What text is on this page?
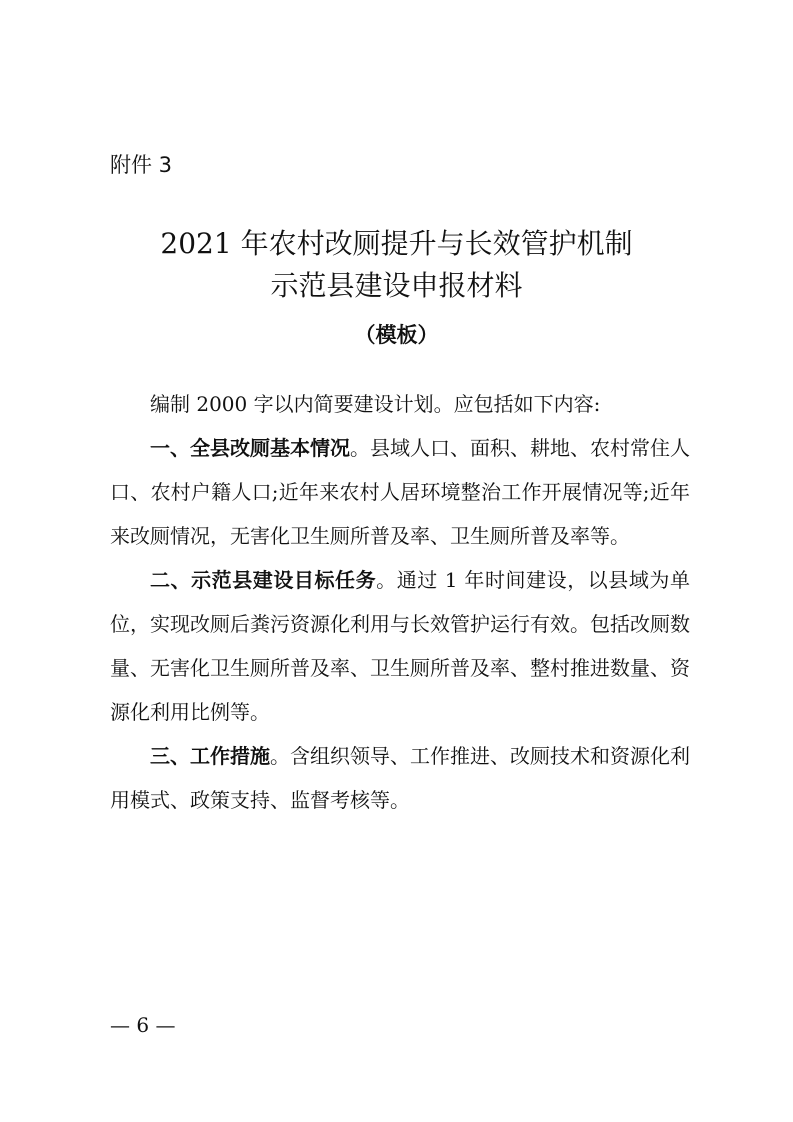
附件 3
2021 年农村改厕提升与长效管护机制
示范县建设申报材料
（模板）

编制 2000 字以内简要建设计划。应包括如下内容:

一、全县改厕基本情况。县域人口、面积、耕地、农村常住人口、农村户籍人口;近年来农村人居环境整治工作开展情况等;近年来改厕情况，无害化卫生厕所普及率、卫生厕所普及率等。

二、示范县建设目标任务。通过 1 年时间建设，以县域为单位，实现改厕后粪污资源化利用与长效管护运行有效。包括改厕数量、无害化卫生厕所普及率、卫生厕所普及率、整村推进数量、资源化利用比例等。

三、工作措施。含组织领导、工作推进、改厕技术和资源化利用模式、政策支持、监督考核等。

— 6 —
